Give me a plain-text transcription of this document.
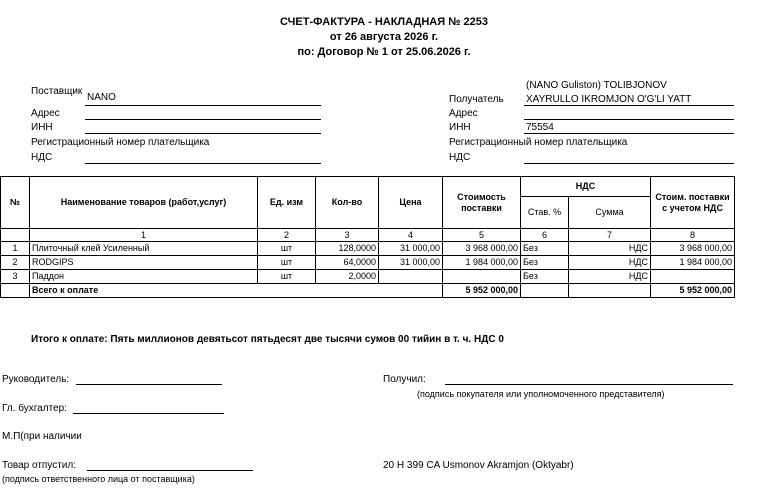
СЧЕТ-ФАКТУРА - НАКЛАДНАЯ № 2253
от 26 августа 2026 г.
по: Договор № 1 от 25.06.2026 г.
Поставщик
NANO
Адрес
ИНН
Регистрационный номер плательщика
НДС
(NANO Guliston) TOLIBJONOV
Получатель XAYRULLO IKROMJON O'G'LI YATT
Адрес
ИНН	75554
Регистрационный номер плательщика
НДС
№	Наименование товаров (работ,услуг)	Ед. изм	Кол-во	Цена	Стоимость поставки	НДС		Стоим. поставки с учетом НДС
						Став. %	Сумма	
	1	2	3	4	5	6	7	8
1	Плиточный клей Усиленный	шт	128,0000	31 000,00	3 968 000,00	Без	НДС	3 968 000,00
2	RODGIPS	шт	64,0000	31 000,00	1 984 000,00	Без	НДС	1 984 000,00
3	Паддон	шт	2,0000			Без	НДС	
	Всего к оплате				5 952 000,00			5 952 000,00
Итого к оплате: Пять миллионов девятьсот пятьдесят две тысячи сумов 00 тийин в т. ч. НДС 0
Руководитель:
Гл. бухгалтер:
М.П(при наличии
Товар отпустил:
(подпись ответственного лица от поставщика)
Получил:
(подпись покупателя или уполномоченного представителя)
20 H 399 CA Usmonov Akramjon (Oktyabr)
